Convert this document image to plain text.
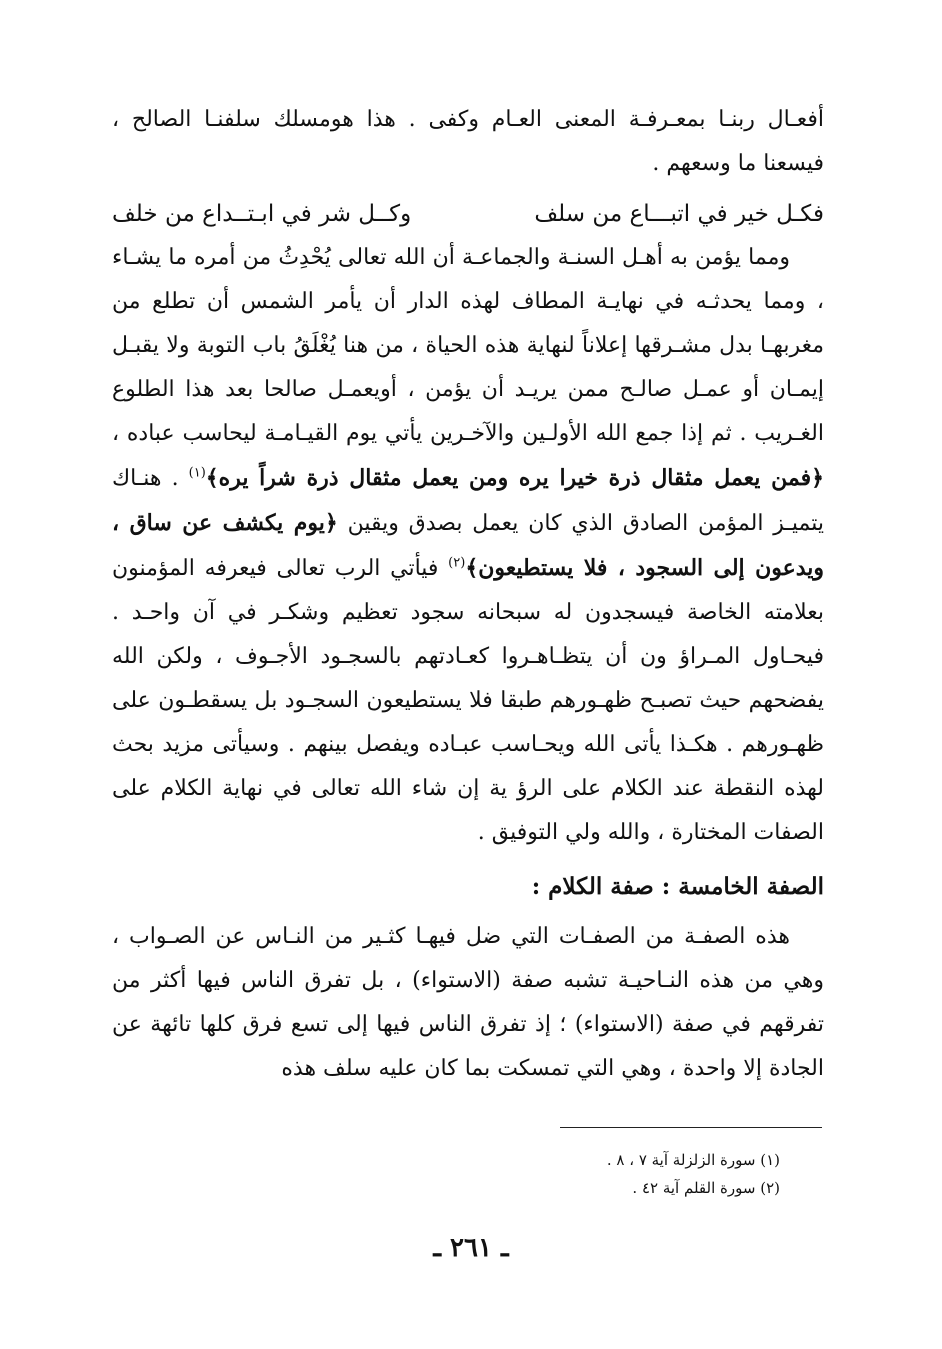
أفعـال ربنـا بمعـرفـة المعنى العـام وكفى . هذا هومسلك سلفنـا الصالح ، فيسعنا ما وسعهم .

فكـل خير في اتبـــاع من سلف
وكــل شر في ابـتــداع من خلف

ومما يؤمن به أهـل السنـة والجماعـة أن الله تعالى يُحْدِثُ من أمره ما يشـاء ، ومما يحدثـه في نهايـة المطاف لهذه الدار أن يأمر الشمس أن تطلع من مغربهـا بدل مشـرقها إعلاناً لنهاية هذه الحياة ، من هنا يُغْلَقُ باب التوبة ولا يقبـل إيمـان أو عمـل صالـح ممن يريـد أن يؤمن ، أويعمـل صالحا بعد هذا الطلوع الغـريب . ثم إذا جمع الله الأولـين والآخـرين يأتي يوم القيـامـة ليحاسب عباده ، ﴿فمن يعمل مثقال ذرة خيرا يره ومن يعمل مثقال ذرة شراً يره﴾$^{(١)}$ . هنـاك يتميـز المؤمن الصادق الذي كان يعمل بصدق ويقين ﴿يوم يكشف عن ساق ، ويدعون إلى السجود ، فلا يستطيعون﴾$^{(٢)}$ فيأتي الرب تعالى فيعرفه المؤمنون بعلامته الخاصة فيسجدون له سبحانه سجود تعظيم وشكـر في آن واحـد . فيحـاول المـراؤ ون أن يتظـاهـروا كعـادتهم بالسجـود الأجـوف ، ولكن الله يفضحهم حيث تصبـح ظهـورهم طبقا فلا يستطيعون السجـود بل يسقطـون على ظهـورهم . هكـذا يأتى الله ويحـاسب عبـاده ويفصل بينهم . وسيأتى مزيد بحث لهذه النقطة عند الكلام على الرؤ ية إن شاء الله تعالى في نهاية الكلام على الصفات المختارة ، والله ولي التوفيق .

الصفة الخامسة : صفة الكلام :

هذه الصفـة من الصفـات التي ضل فيهـا كثـير من النـاس عن الصـواب ، وهي من هذه النـاحيـة تشبه صفة (الاستواء) ، بل تفرق الناس فيها أكثر من تفرقهم في صفة (الاستواء) ؛ إذ تفرق الناس فيها إلى تسع فرق كلها تائهة عن الجادة إلا واحدة ، وهي التي تمسكت بما كان عليه سلف هذه

(١) سورة الزلزلة آية ٧ ، ٨ .

(٢) سورة القلم آية ٤٢ .

ـ ٢٦١ ـ
